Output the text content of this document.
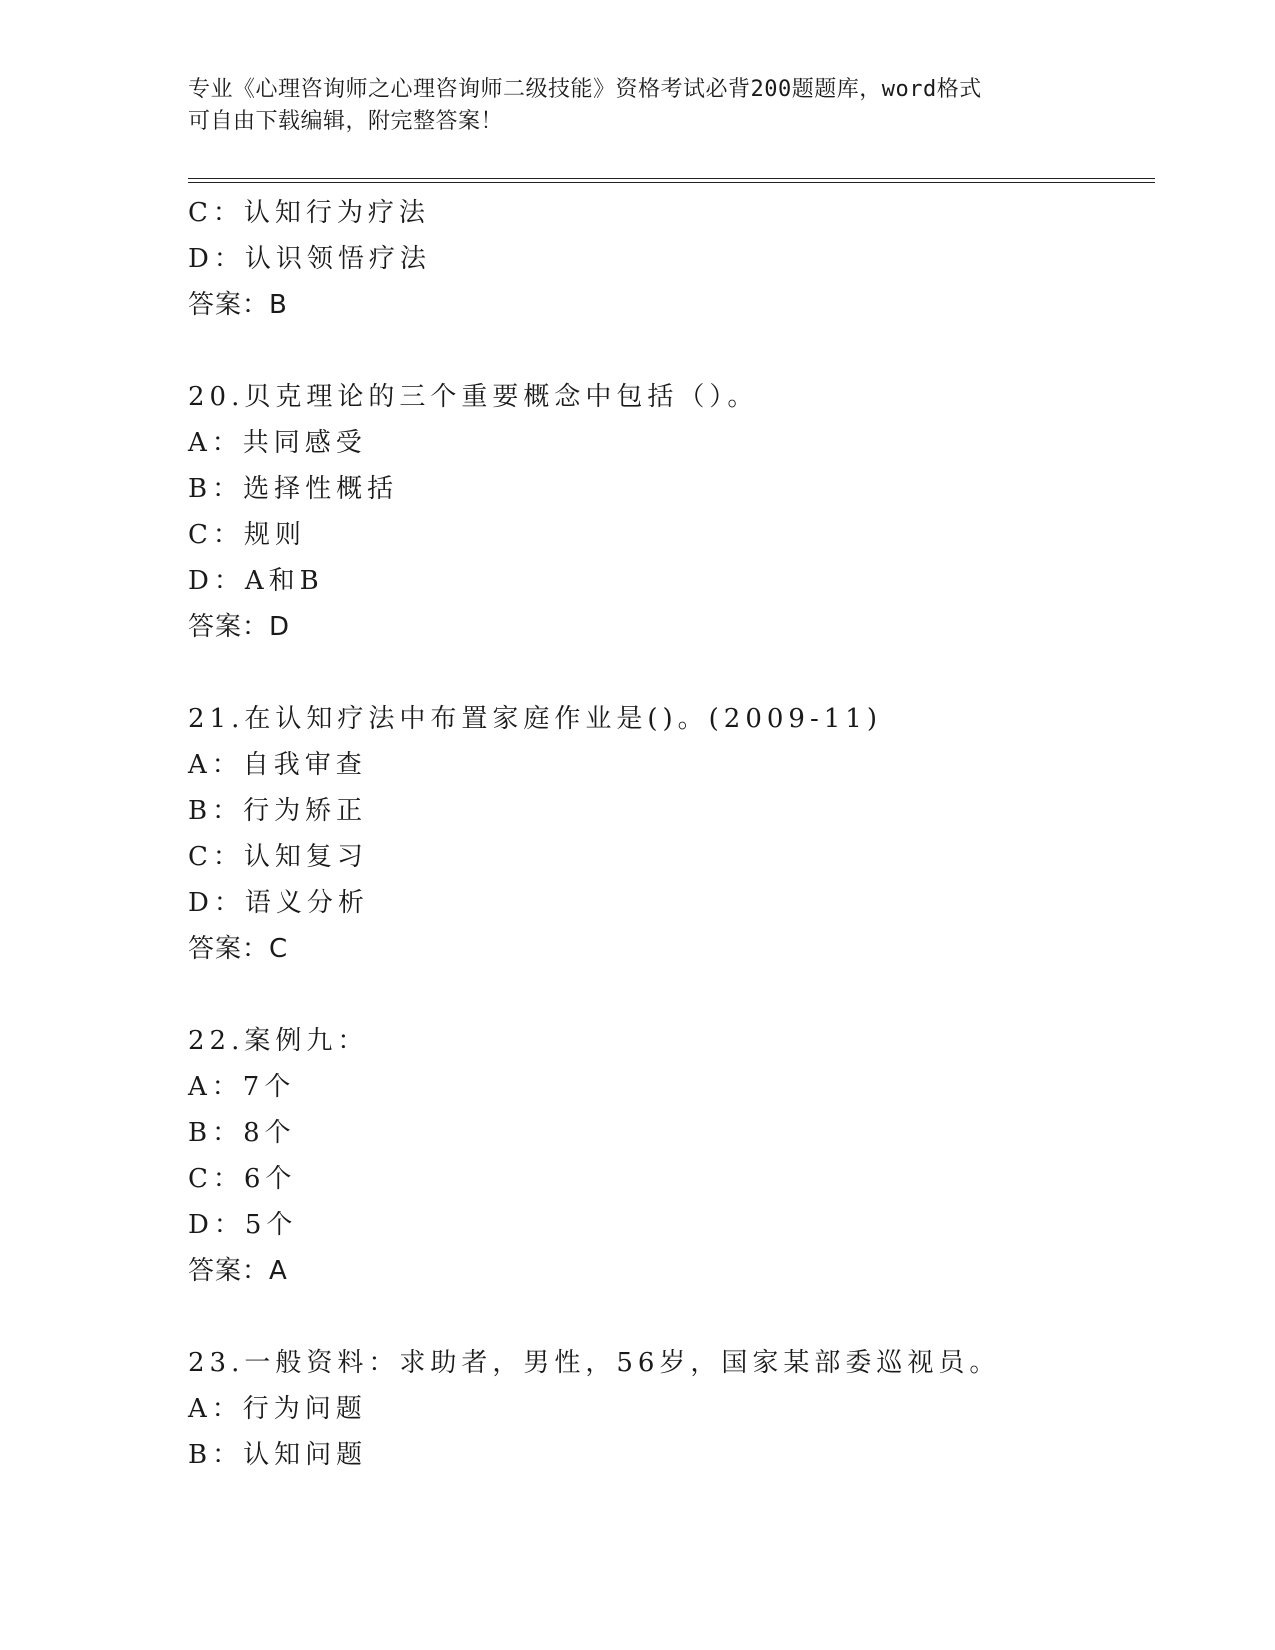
专业《心理咨询师之心理咨询师二级技能》资格考试必背200题题库，word格式
可自由下载编辑，附完整答案！
C：认知行为疗法
D：认识领悟疗法
答案：B
20.贝克理论的三个重要概念中包括（）。
A：共同感受
B：选择性概括
C：规则
D：A和B
答案：D
21.在认知疗法中布置家庭作业是()。(2009-11)
A：自我审查
B：行为矫正
C：认知复习
D：语义分析
答案：C
22.案例九：
A：7个
B：8个
C：6个
D：5个
答案：A
23.一般资料：求助者，男性，56岁，国家某部委巡视员。
A：行为问题
B：认知问题
